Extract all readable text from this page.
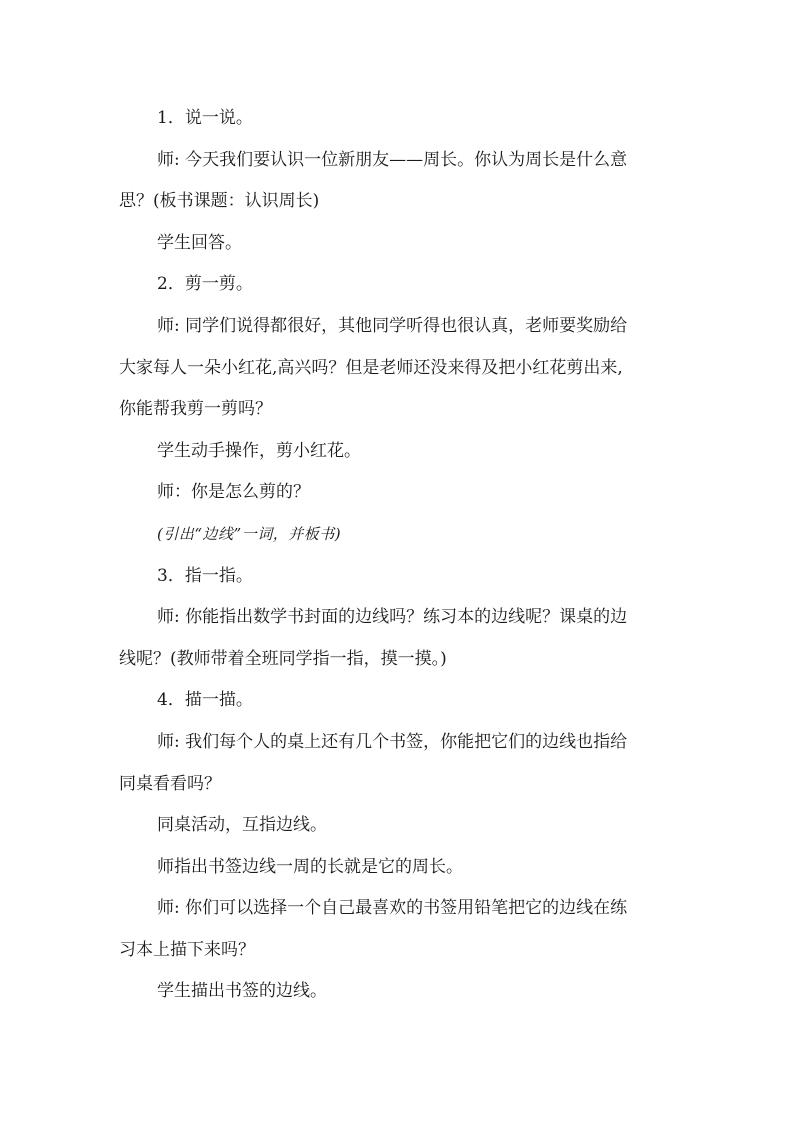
1．说一说。
师: 今天我们要认识一位新朋友——周长。你认为周长是什么意
思？(板书课题：认识周长)
学生回答。
2．剪一剪。
师: 同学们说得都很好，其他同学听得也很认真，老师要奖励给
大家每人一朵小红花,高兴吗？但是老师还没来得及把小红花剪出来,
你能帮我剪一剪吗？
学生动手操作，剪小红花。
师：你是怎么剪的？
(引出“边线”一词，并板书)
3．指一指。
师: 你能指出数学书封面的边线吗？练习本的边线呢？课桌的边
线呢？(教师带着全班同学指一指，摸一摸。)
4．描一描。
师: 我们每个人的桌上还有几个书签，你能把它们的边线也指给
同桌看看吗？
同桌活动，互指边线。
师指出书签边线一周的长就是它的周长。
师: 你们可以选择一个自己最喜欢的书签用铅笔把它的边线在练
习本上描下来吗？
学生描出书签的边线。
